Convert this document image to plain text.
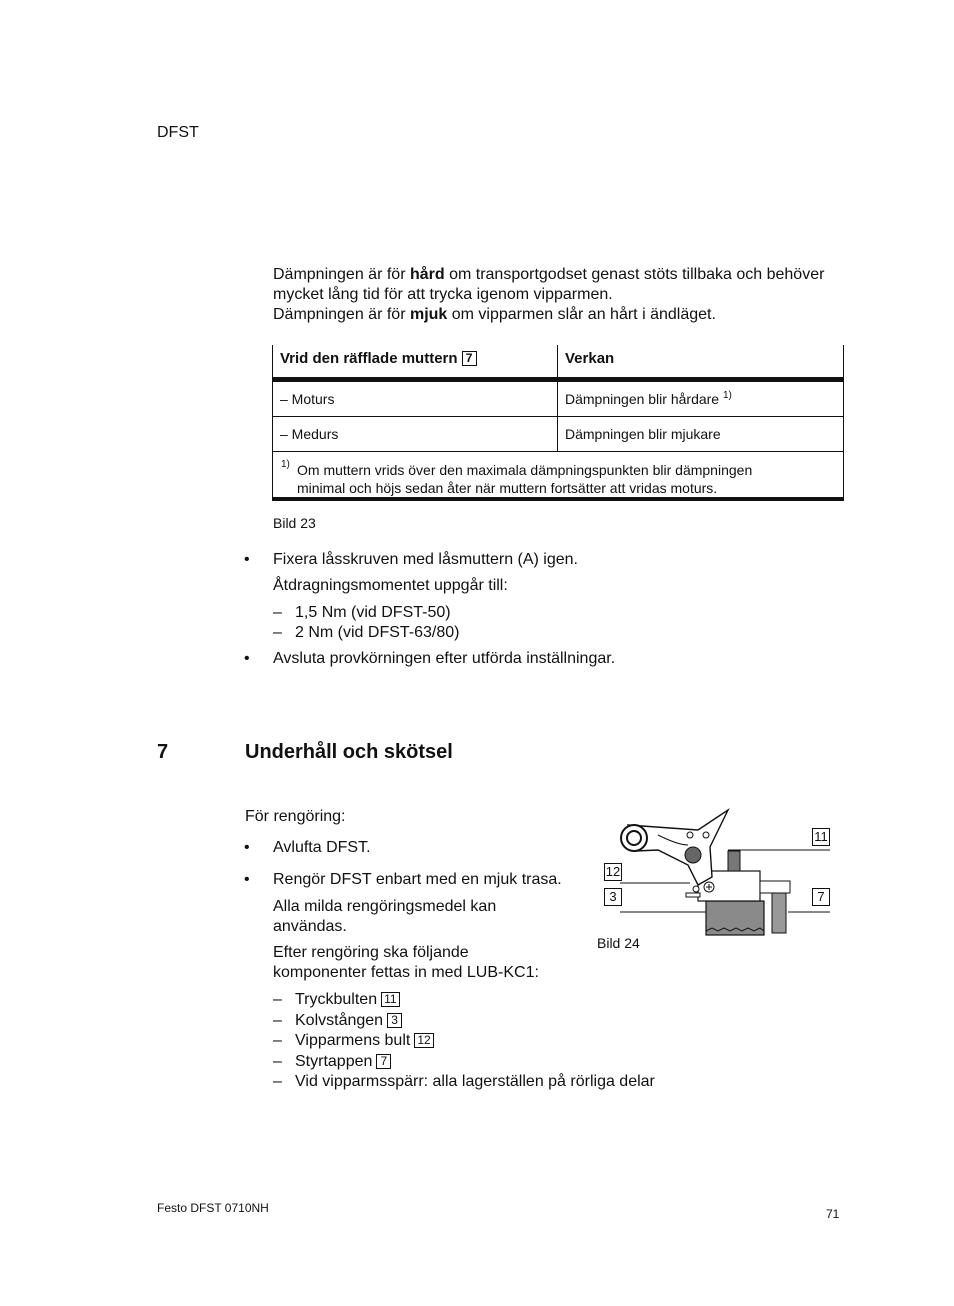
DFST
Dämpningen är för hård om transportgodset genast stöts tillbaka och behöver
mycket lång tid för att trycka igenom vipparmen.
Dämpningen är för mjuk om vipparmen slår an hårt i ändläget.
Vrid den räfflade muttern 7	Verkan
– Moturs	Dämpningen blir hårdare $^{1)}$
– Medurs	Dämpningen blir mjukare
1) Om muttern vrids över den maximala dämpningspunkten blir dämpningen
minimal och höjs sedan åter när muttern fortsätter att vridas moturs.
Bild 23
• Fixera låsskruven med låsmuttern (A) igen.
Åtdragningsmomentet uppgår till:
– 1,5 Nm (vid DFST-50)
– 2 Nm (vid DFST-63/80)
• Avsluta provkörningen efter utförda inställningar.
7	Underhåll och skötsel
För rengöring:
• Avlufta DFST.
• Rengör DFST enbart med en mjuk trasa.
Alla milda rengöringsmedel kan
användas.
Efter rengöring ska följande
komponenter fettas in med LUB-KC1:
– Tryckbulten 11
– Kolvstången 3
– Vipparmens bult 12
– Styrtappen 7
– Vid vipparmsspärr: alla lagerställen på rörliga delar
11
12
3	7
Bild 24
Festo DFST 0710NH	71
